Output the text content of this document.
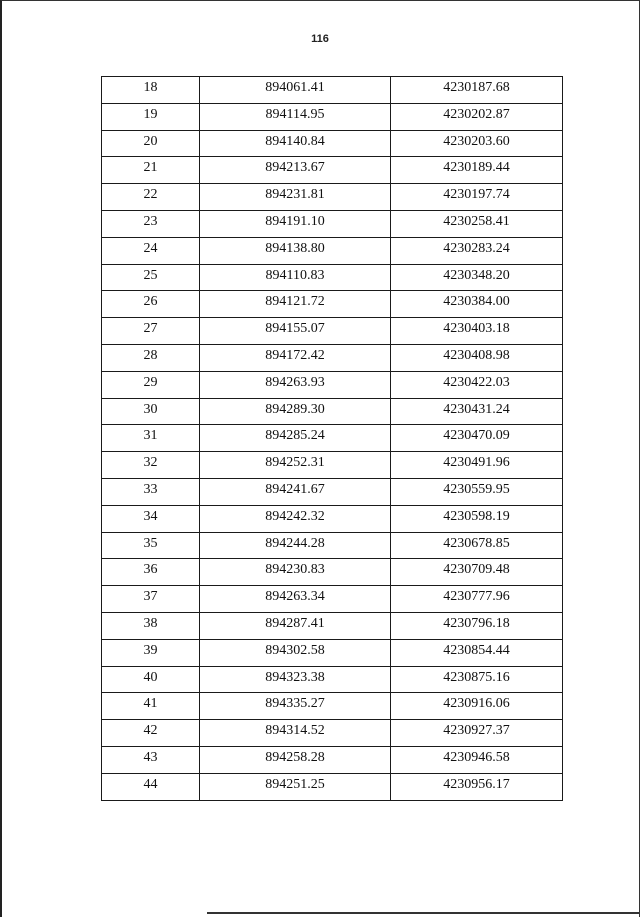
116
18	894061.41	4230187.68
19	894114.95	4230202.87
20	894140.84	4230203.60
21	894213.67	4230189.44
22	894231.81	4230197.74
23	894191.10	4230258.41
24	894138.80	4230283.24
25	894110.83	4230348.20
26	894121.72	4230384.00
27	894155.07	4230403.18
28	894172.42	4230408.98
29	894263.93	4230422.03
30	894289.30	4230431.24
31	894285.24	4230470.09
32	894252.31	4230491.96
33	894241.67	4230559.95
34	894242.32	4230598.19
35	894244.28	4230678.85
36	894230.83	4230709.48
37	894263.34	4230777.96
38	894287.41	4230796.18
39	894302.58	4230854.44
40	894323.38	4230875.16
41	894335.27	4230916.06
42	894314.52	4230927.37
43	894258.28	4230946.58
44	894251.25	4230956.17
